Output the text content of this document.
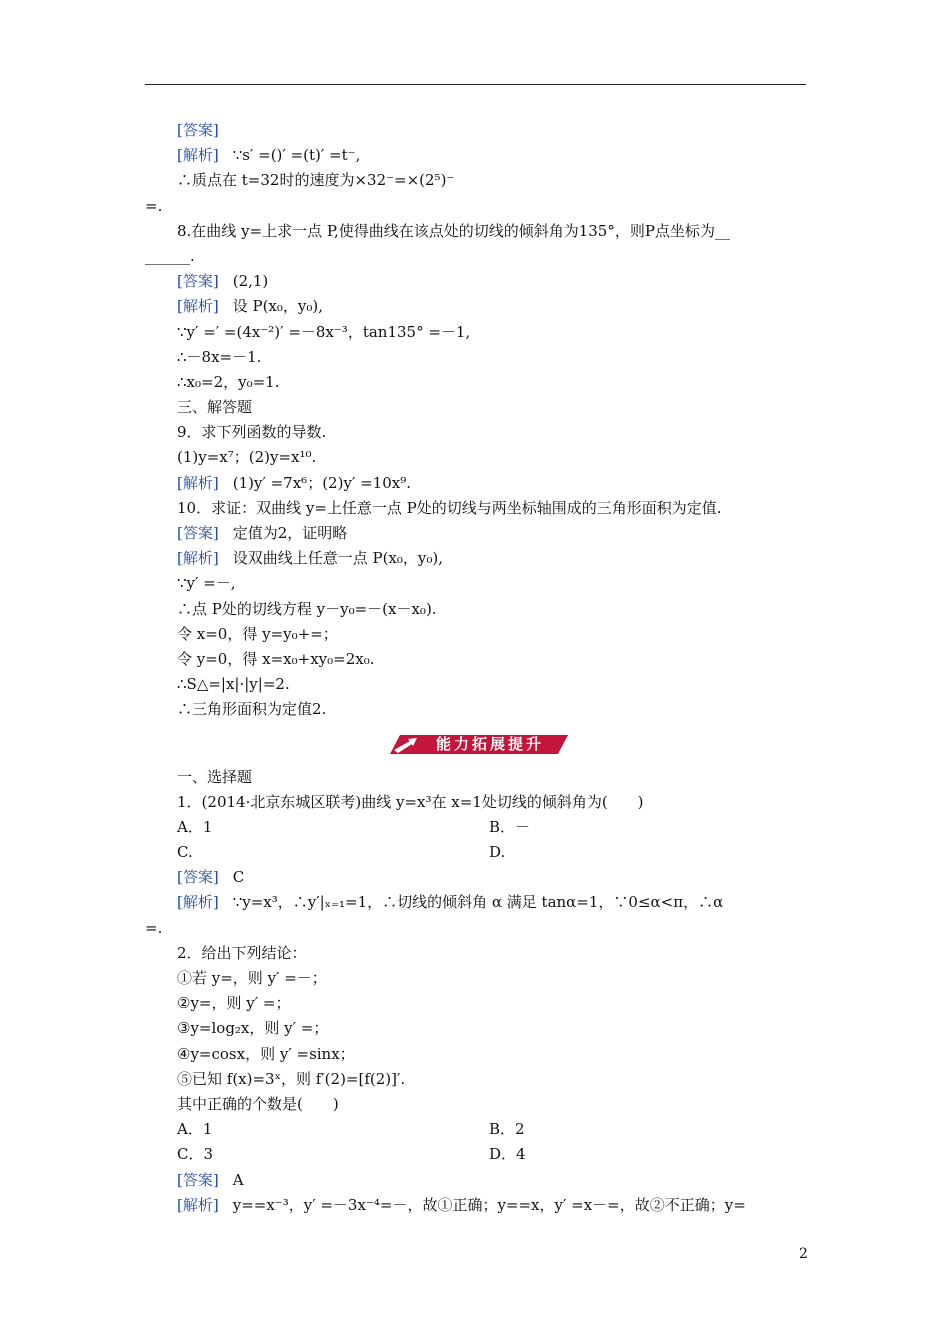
[答案]
[解析] ∵s′ =()′ =(t)′ =t⁻,
∴质点在 t=32时的速度为×32⁻=×(2⁵)⁻
=.
8.在曲线 y=上求一点 P,使得曲线在该点处的切线的倾斜角为135°，则P点坐标为__
______.
[答案] (2,1)
[解析] 设 P(x₀，y₀),
∵y′ =′ =(4x⁻²)′ =－8x⁻³，tan135° =－1,
∴－8x=－1.
∴x₀=2，y₀=1.
三、解答题
9．求下列函数的导数.
(1)y=x⁷；(2)y=x¹⁰.
[解析] (1)y′ =7x⁶；(2)y′ =10x⁹.
10．求证：双曲线 y=上任意一点 P处的切线与两坐标轴围成的三角形面积为定值.
[答案] 定值为2，证明略
[解析] 设双曲线上任意一点 P(x₀，y₀),
∵y′ =－,
∴点 P处的切线方程 y－y₀=－(x－x₀).
令 x=0，得 y=y₀+=；
令 y=0，得 x=x₀+xy₀=2x₀.
∴S△=|x|·|y|=2.
∴三角形面积为定值2.
能力拓展提升
一、选择题
1．(2014·北京东城区联考)曲线 y=x³在 x=1处切线的倾斜角为(　　)
A．1	B．－
C.	D.
[答案] C
[解析] ∵y=x³，∴y′|ₓ₌₁=1，∴切线的倾斜角 α 满足 tanα=1，∵0≤α<π，∴α
=.
2．给出下列结论：
①若 y=，则 y′ =－；
②y=，则 y′ =；
③y=log₂x，则 y′ =；
④y=cosx，则 y′ =sinx；
⑤已知 f(x)=3ˣ，则 f′(2)=[f(2)]′.
其中正确的个数是(　　)
A．1	B．2
C．3	D．4
[答案] A
[解析] y==x⁻³，y′ =－3x⁻⁴=－，故①正确；y==x，y′ =x－=，故②不正确；y=
2
